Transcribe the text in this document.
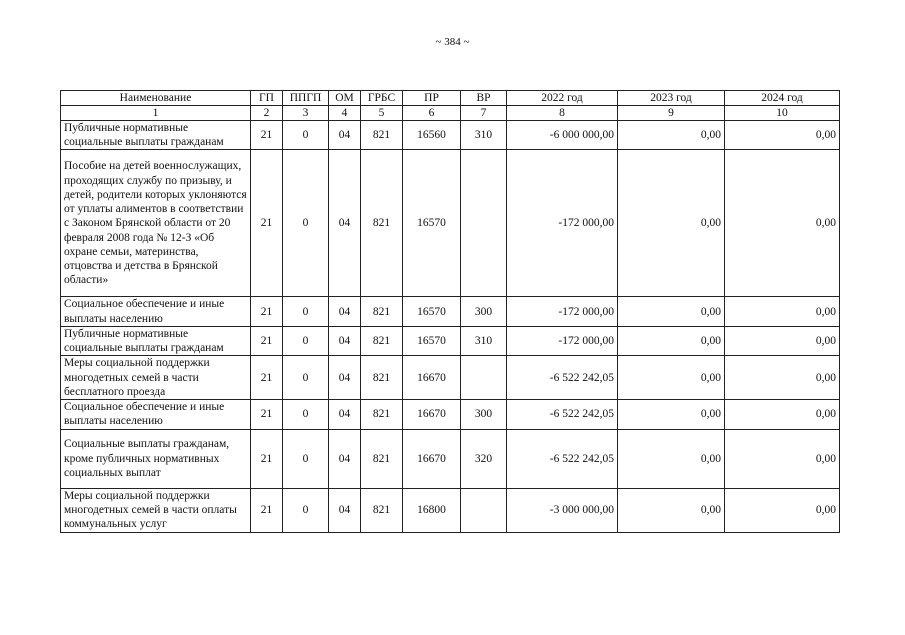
~ 384 ~
Наименование	ГП	ППГП	ОМ	ГРБС	ПР	ВР	2022 год	2023 год	2024 год
1	2	3	4	5	6	7	8	9	10
Публичные нормативные социальные выплаты гражданам	21	0	04	821	16560	310	-6 000 000,00	0,00	0,00
Пособие на детей военнослужащих, проходящих службу по призыву, и детей, родители которых уклоняются от уплаты алиментов в соответствии с Законом Брянской области от 20 февраля 2008 года № 12-З «Об охране семьи, материнства, отцовства и детства в Брянской области»	21	0	04	821	16570		-172 000,00	0,00	0,00
Социальное обеспечение и иные выплаты населению	21	0	04	821	16570	300	-172 000,00	0,00	0,00
Публичные нормативные социальные выплаты гражданам	21	0	04	821	16570	310	-172 000,00	0,00	0,00
Меры социальной поддержки многодетных семей в части бесплатного проезда	21	0	04	821	16670		-6 522 242,05	0,00	0,00
Социальное обеспечение и иные выплаты населению	21	0	04	821	16670	300	-6 522 242,05	0,00	0,00
Социальные выплаты гражданам, кроме публичных нормативных социальных выплат	21	0	04	821	16670	320	-6 522 242,05	0,00	0,00
Меры социальной поддержки многодетных семей в части оплаты коммунальных услуг	21	0	04	821	16800		-3 000 000,00	0,00	0,00
